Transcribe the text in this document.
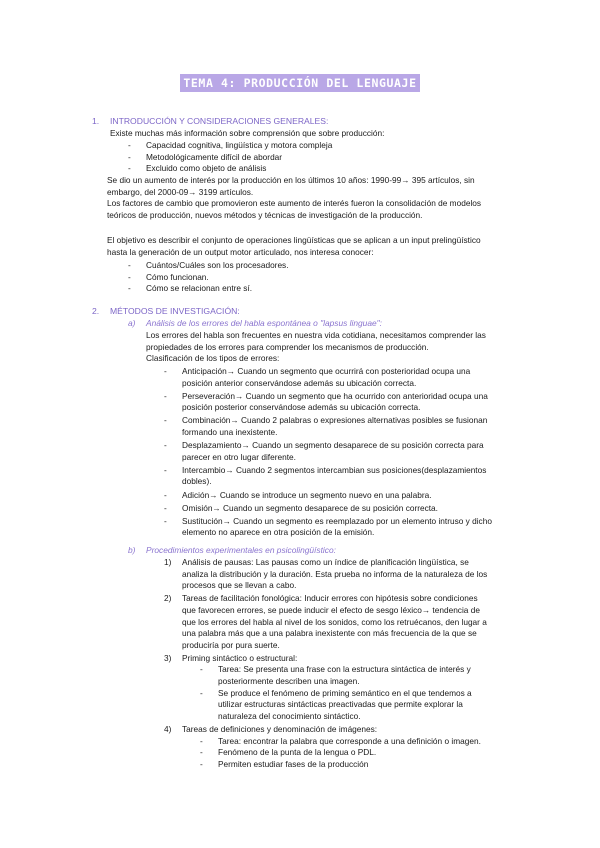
TEMA 4: PRODUCCIÓN DEL LENGUAJE
1. INTRODUCCIÓN Y CONSIDERACIONES GENERALES:
Existe muchas más información sobre comprensión que sobre producción:
- Capacidad cognitiva, lingüística y motora compleja
- Metodológicamente difícil de abordar
- Excluido como objeto de análisis
Se dio un aumento de interés por la producción en los últimos 10 años: 1990-99→ 395 artículos, sin
embargo, del 2000-09→ 3199 artículos.
Los factores de cambio que promovieron este aumento de interés fueron la consolidación de modelos
teóricos de producción, nuevos métodos y técnicas de investigación de la producción.
El objetivo es describir el conjunto de operaciones lingüísticas que se aplican a un input prelingüístico
hasta la generación de un output motor articulado, nos interesa conocer:
- Cuántos/Cuáles son los procesadores.
- Cómo funcionan.
- Cómo se relacionan entre sí.
2. MÉTODOS DE INVESTIGACIÓN:
a) Análisis de los errores del habla espontánea o "lapsus linguae":
Los errores del habla son frecuentes en nuestra vida cotidiana, necesitamos comprender las
propiedades de los errores para comprender los mecanismos de producción.
Clasificación de los tipos de errores:
- Anticipación→ Cuando un segmento que ocurrirá con posterioridad ocupa una
posición anterior conservándose además su ubicación correcta.
- Perseveración→ Cuando un segmento que ha ocurrido con anterioridad ocupa una
posición posterior conservándose además su ubicación correcta.
- Combinación→ Cuando 2 palabras o expresiones alternativas posibles se fusionan
formando una inexistente.
- Desplazamiento→ Cuando un segmento desaparece de su posición correcta para
parecer en otro lugar diferente.
- Intercambio→ Cuando 2 segmentos intercambian sus posiciones(desplazamientos
dobles).
- Adición→ Cuando se introduce un segmento nuevo en una palabra.
- Omisión→ Cuando un segmento desaparece de su posición correcta.
- Sustitución→ Cuando un segmento es reemplazado por un elemento intruso y dicho
elemento no aparece en otra posición de la emisión.
b) Procedimientos experimentales en psicolingüístico:
1) Análisis de pausas: Las pausas como un índice de planificación lingüística, se
analiza la distribución y la duración. Esta prueba no informa de la naturaleza de los
procesos que se llevan a cabo.
2) Tareas de facilitación fonológica: Inducir errores con hipótesis sobre condiciones
que favorecen errores, se puede inducir el efecto de sesgo léxico→ tendencia de
que los errores del habla al nivel de los sonidos, como los retruécanos, den lugar a
una palabra más que a una palabra inexistente con más frecuencia de la que se
produciría por pura suerte.
3) Priming sintáctico o estructural:
- Tarea: Se presenta una frase con la estructura sintáctica de interés y
posteriormente describen una imagen.
- Se produce el fenómeno de priming semántico en el que tendemos a
utilizar estructuras sintácticas preactivadas que permite explorar la
naturaleza del conocimiento sintáctico.
4) Tareas de definiciones y denominación de imágenes:
- Tarea: encontrar la palabra que corresponde a una definición o imagen.
- Fenómeno de la punta de la lengua o PDL.
- Permiten estudiar fases de la producción
